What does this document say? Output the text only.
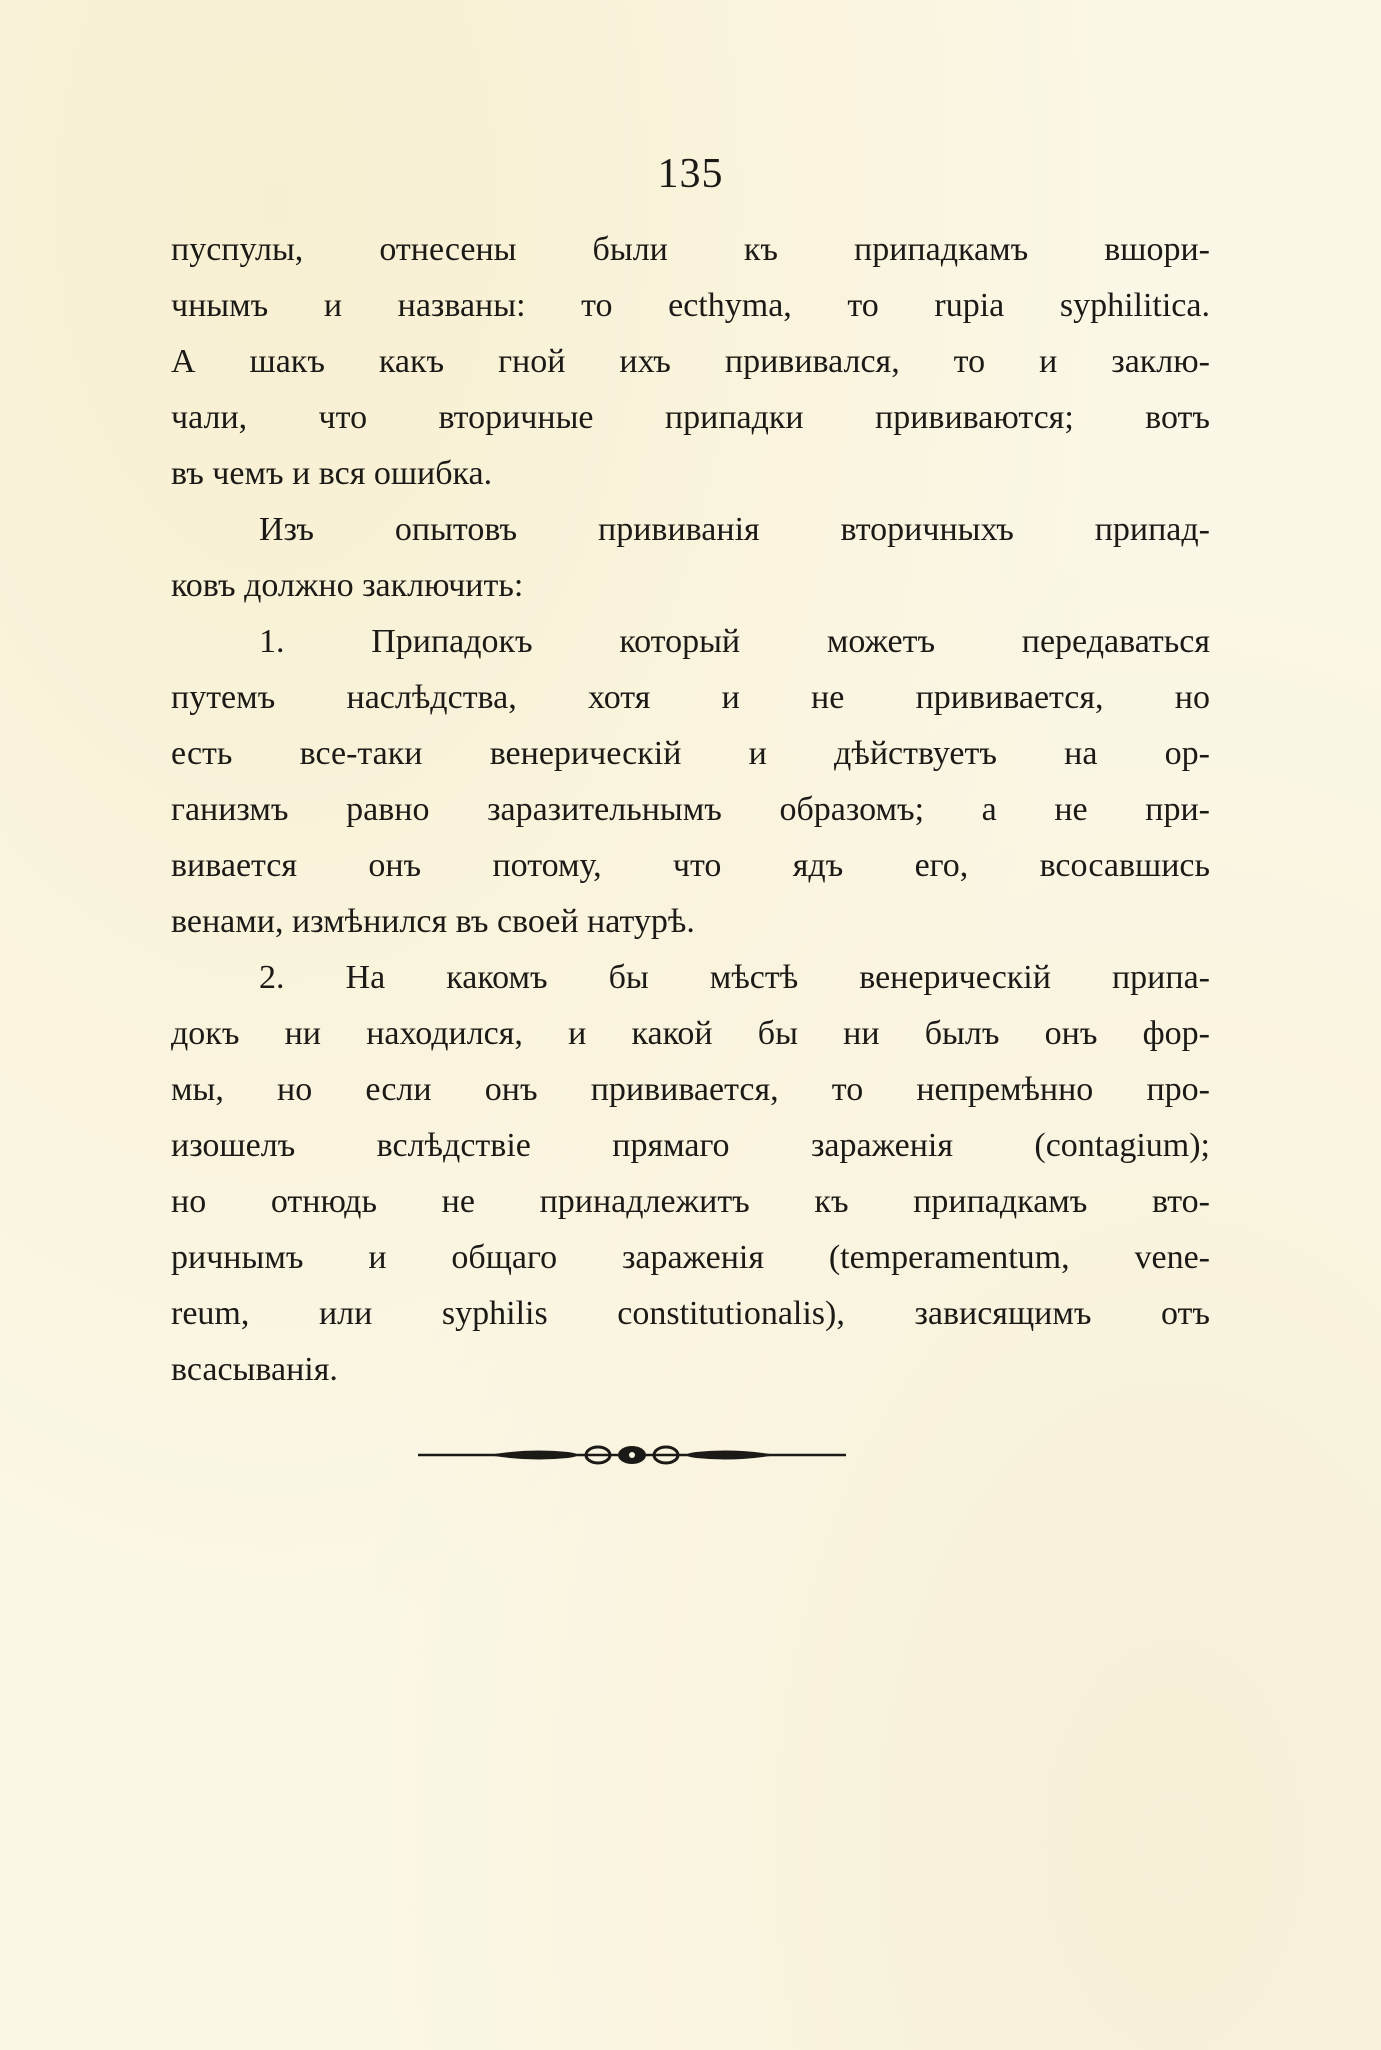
135
пуспулы, отнесены были къ припадкамъ вшори-
чнымъ и названы: то ecthyma, то rupia syphilitica.
А шакъ какъ гной ихъ прививался, то и заклю-
чали, что вторичные припадки прививаются; вотъ
въ чемъ и вся ошибка.
Изъ опытовъ прививанія вторичныхъ припад-
ковъ должно заключить:
1. Припадокъ который можетъ передаваться
путемъ наслѣдства, хотя и не прививается, но
есть все-таки венерическій и дѣйствуетъ на ор-
ганизмъ равно заразительнымъ образомъ; а не при-
вивается онъ потому, что ядъ его, всосавшись
венами, измѣнился въ своей натурѣ.
2. На какомъ бы мѣстѣ венерическій припа-
докъ ни находился, и какой бы ни былъ онъ фор-
мы, но если онъ прививается, то непремѣнно про-
изошелъ вслѣдствіе прямаго зараженія (contagium);
но отнюдь не принадлежитъ къ припадкамъ вто-
ричнымъ и общаго зараженія (temperamentum, vene-
reum, или syphilis constitutionalis), зависящимъ отъ
всасыванія.
